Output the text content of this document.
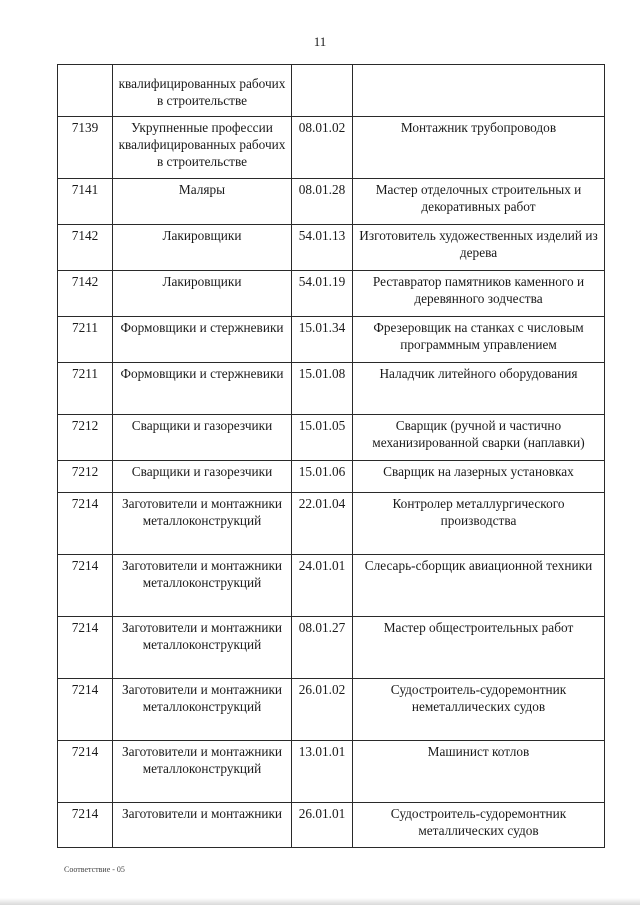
11
	квалифицированных рабочих в строительстве		
7139	Укрупненные профессии квалифицированных рабочих в строительстве	08.01.02	Монтажник трубопроводов
7141	Маляры	08.01.28	Мастер отделочных строительных и декоративных работ
7142	Лакировщики	54.01.13	Изготовитель художественных изделий из дерева
7142	Лакировщики	54.01.19	Реставратор памятников каменного и деревянного зодчества
7211	Формовщики и стержневики	15.01.34	Фрезеровщик на станках с числовым программным управлением
7211	Формовщики и стержневики	15.01.08	Наладчик литейного оборудования
7212	Сварщики и газорезчики	15.01.05	Сварщик (ручной и частично механизированной сварки (наплавки)
7212	Сварщики и газорезчики	15.01.06	Сварщик на лазерных установках
7214	Заготовители и монтажники металлоконструкций	22.01.04	Контролер металлургического производства
7214	Заготовители и монтажники металлоконструкций	24.01.01	Слесарь-сборщик авиационной техники
7214	Заготовители и монтажники металлоконструкций	08.01.27	Мастер общестроительных работ
7214	Заготовители и монтажники металлоконструкций	26.01.02	Судостроитель-судоремонтник неметаллических судов
7214	Заготовители и монтажники металлоконструкций	13.01.01	Машинист котлов
7214	Заготовители и монтажники	26.01.01	Судостроитель-судоремонтник металлических судов
Соответствие - 05
